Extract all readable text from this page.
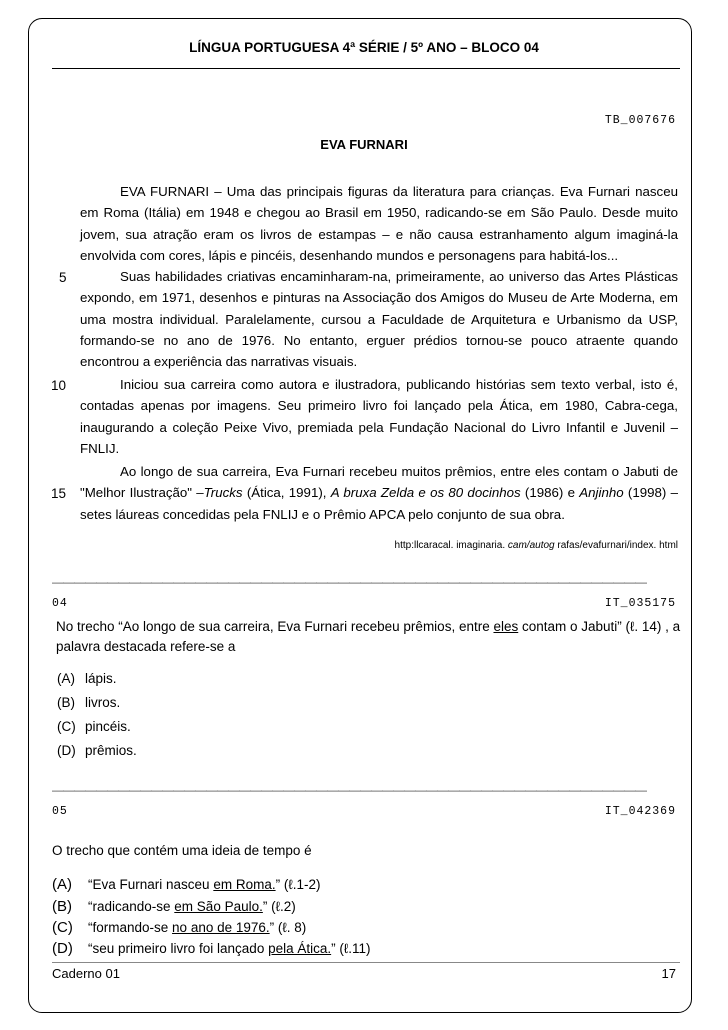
LÍNGUA PORTUGUESA 4ª SÉRIE / 5º ANO – BLOCO 04
TB_007676
EVA FURNARI
EVA FURNARI – Uma das principais figuras da literatura para crianças. Eva Furnari nasceu em Roma (Itália) em 1948 e chegou ao Brasil em 1950, radicando-se em São Paulo. Desde muito jovem, sua atração eram os livros de estampas – e não causa estranhamento algum imaginá-la envolvida com cores, lápis e pincéis, desenhando mundos e personagens para habitá-los...
Suas habilidades criativas encaminharam-na, primeiramente, ao universo das Artes Plásticas expondo, em 1971, desenhos e pinturas na Associação dos Amigos do Museu de Arte Moderna, em uma mostra individual. Paralelamente, cursou a Faculdade de Arquitetura e Urbanismo da USP, formando-se no ano de 1976. No entanto, erguer prédios tornou-se pouco atraente quando encontrou a experiência das narrativas visuais.
Iniciou sua carreira como autora e ilustradora, publicando histórias sem texto verbal, isto é, contadas apenas por imagens. Seu primeiro livro foi lançado pela Ática, em 1980, Cabra-cega, inaugurando a coleção Peixe Vivo, premiada pela Fundação Nacional do Livro Infantil e Juvenil – FNLIJ.
Ao longo de sua carreira, Eva Furnari recebeu muitos prêmios, entre eles contam o Jabuti de "Melhor Ilustração" –Trucks (Ática, 1991), A bruxa Zelda e os 80 docinhos (1986) e Anjinho (1998) – setes láureas concedidas pela FNLIJ e o Prêmio APCA pelo conjunto de sua obra.
5
10
15
http:llcaracal. imaginaria. cam/autog rafas/evafurnari/index. html
——————————————————————————————————————————————————————
04	IT_035175
No trecho “Ao longo de sua carreira, Eva Furnari recebeu prêmios, entre eles contam o Jabuti” (ℓ. 14) , a palavra destacada refere-se a
(A) lápis.
(B) livros.
(C) pincéis.
(D) prêmios.
——————————————————————————————————————————————————————
05	IT_042369
O trecho que contém uma ideia de tempo é
(A) “Eva Furnari nasceu em Roma.” (ℓ.1-2)
(B) “radicando-se em São Paulo.” (ℓ.2)
(C) “formando-se no ano de 1976.” (ℓ. 8)
(D) “seu primeiro livro foi lançado pela Ática.” (ℓ.11)
Caderno 01	17
